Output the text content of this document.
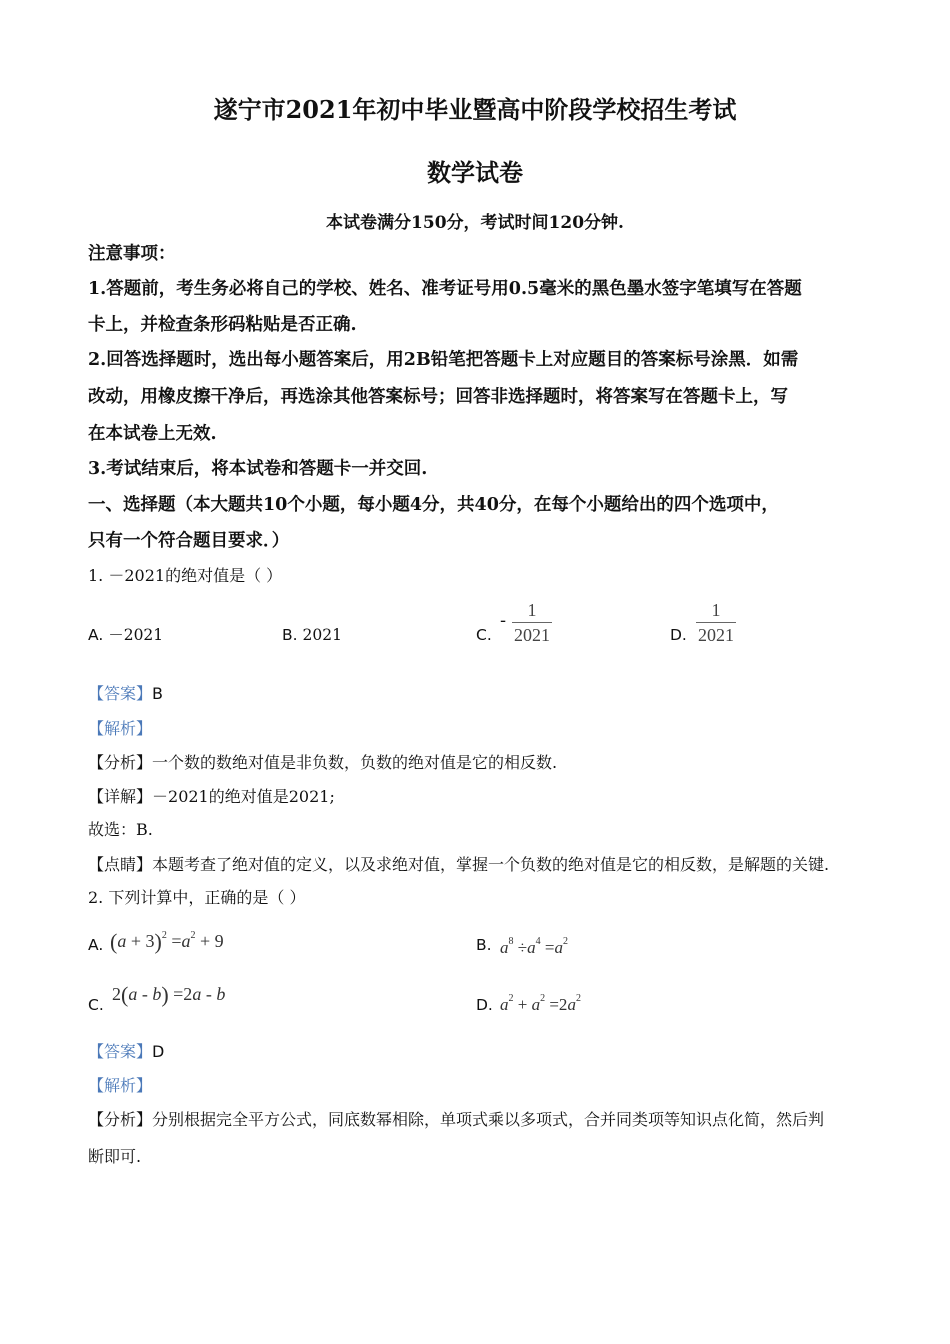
遂宁市2021年初中毕业暨高中阶段学校招生考试
数学试卷
本试卷满分150分，考试时间120分钟.
注意事项：
1.答题前，考生务必将自己的学校、姓名、准考证号用0.5毫米的黑色墨水签字笔填写在答题
卡上，并检查条形码粘贴是否正确.
2.回答选择题时，选出每小题答案后，用2B铅笔把答题卡上对应题目的答案标号涂黑．如需
改动，用橡皮擦干净后，再选涂其他答案标号；回答非选择题时，将答案写在答题卡上，写
在本试卷上无效.
3.考试结束后，将本试卷和答题卡一并交回.
一、选择题（本大题共10个小题，每小题4分，共40分，在每个小题给出的四个选项中，
只有一个符合题目要求．）
1. －2021的绝对值是（ ）
A. －2021	B. 2021	C.
-	1
2021	D.
1
2021
【答案】B
【解析】
【分析】一个数的数绝对值是非负数，负数的绝对值是它的相反数.
【详解】－2021的绝对值是2021;
故选：B.
【点睛】本题考查了绝对值的定义，以及求绝对值，掌握一个负数的绝对值是它的相反数，是解题的关键.
2. 下列计算中，正确的是（ ）
A. $(a + 3)^2 =a^2 + 9$	B. $a^8 \div a^4 =a^2$
C.
2(a - b) =2a - b
D. $a^2 + a^2 =2a^2$
【答案】D
【解析】
【分析】分别根据完全平方公式，同底数幂相除，单项式乘以多项式，合并同类项等知识点化简，然后判
断即可.
